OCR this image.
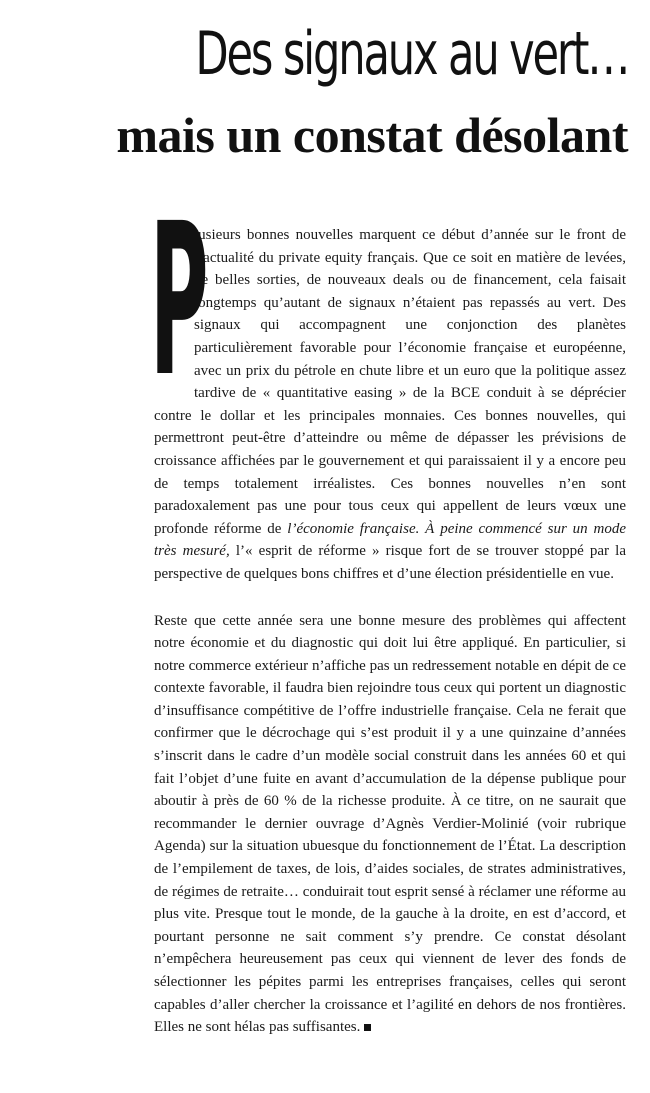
Des signaux au vert…
mais un constat désolant

P
lusieurs bonnes nouvelles marquent ce début d’année sur le front de l’actualité du private equity français. Que ce soit en matière de levées, de belles sorties, de nouveaux deals ou de financement, cela faisait longtemps qu’autant de signaux n’étaient pas repassés au vert. Des signaux qui accompagnent une conjonction des planètes particulièrement favorable pour l’économie française et européenne, avec un prix du pétrole en chute libre et un euro que la politique assez tardive de « quantitative easing » de la BCE conduit à se déprécier contre le dollar et les principales monnaies. Ces bonnes nouvelles, qui permettront peut-être d’atteindre ou même de dépasser les prévisions de croissance affichées par le gouvernement et qui paraissaient il y a encore peu de temps totalement irréalistes. Ces bonnes nouvelles n’en sont paradoxalement pas une pour tous ceux qui appellent de leurs vœux une profonde réforme de l’économie française. À peine commencé sur un mode très mesuré, l’« esprit de réforme » risque fort de se trouver stoppé par la perspective de quelques bons chiffres et d’une élection présidentielle en vue.

Reste que cette année sera une bonne mesure des problèmes qui affectent notre économie et du diagnostic qui doit lui être appliqué. En particulier, si notre commerce extérieur n’affiche pas un redressement notable en dépit de ce contexte favorable, il faudra bien rejoindre tous ceux qui portent un diagnostic d’insuffisance compétitive de l’offre industrielle française. Cela ne ferait que confirmer que le décrochage qui s’est produit il y a une quinzaine d’années s’inscrit dans le cadre d’un modèle social construit dans les années 60 et qui fait l’objet d’une fuite en avant d’accumulation de la dépense publique pour aboutir à près de 60 % de la richesse produite. À ce titre, on ne saurait que recommander le dernier ouvrage d’Agnès Verdier-Molinié (voir rubrique Agenda) sur la situation ubuesque du fonctionnement de l’État. La description de l’empilement de taxes, de lois, d’aides sociales, de strates administratives, de régimes de retraite… conduirait tout esprit sensé à réclamer une réforme au plus vite. Presque tout le monde, de la gauche à la droite, en est d’accord, et pourtant personne ne sait comment s’y prendre. Ce constat désolant n’empêchera heureusement pas ceux qui viennent de lever des fonds de sélectionner les pépites parmi les entreprises françaises, celles qui seront capables d’aller chercher la croissance et l’agilité en dehors de nos frontières. Elles ne sont hélas pas suffisantes.
